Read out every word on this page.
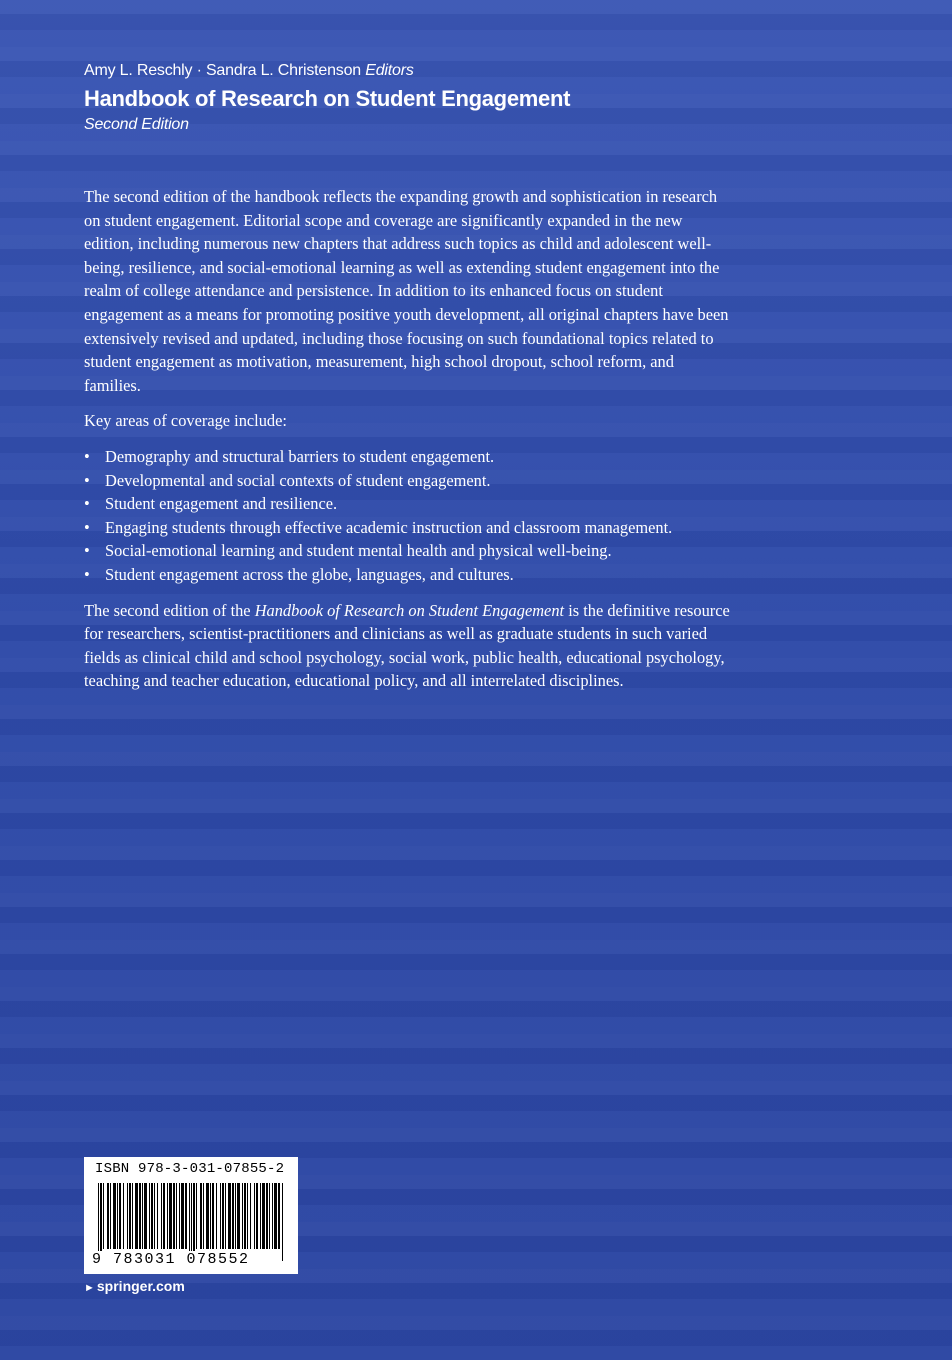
Amy L. Reschly · Sandra L. Christenson Editors
Handbook of Research on Student Engagement
Second Edition

The second edition of the handbook reflects the expanding growth and sophistication in research on student engagement. Editorial scope and coverage are significantly expanded in the new edition, including numerous new chapters that address such topics as child and adolescent well-being, resilience, and social-emotional learning as well as extending student engagement into the realm of college attendance and persistence. In addition to its enhanced focus on student engagement as a means for promoting positive youth development, all original chapters have been extensively revised and updated, including those focusing on such foundational topics related to student engagement as motivation, measurement, high school dropout, school reform, and families.

Key areas of coverage include:

• Demography and structural barriers to student engagement.
• Developmental and social contexts of student engagement.
• Student engagement and resilience.
• Engaging students through effective academic instruction and classroom management.
• Social-emotional learning and student mental health and physical well-being.
• Student engagement across the globe, languages, and cultures.

The second edition of the Handbook of Research on Student Engagement is the definitive resource for researchers, scientist-practitioners and clinicians as well as graduate students in such varied fields as clinical child and school psychology, social work, public health, educational psychology, teaching and teacher education, educational policy, and all interrelated disciplines.

ISBN 978-3-031-07855-2
9 783031 078552
► springer.com
